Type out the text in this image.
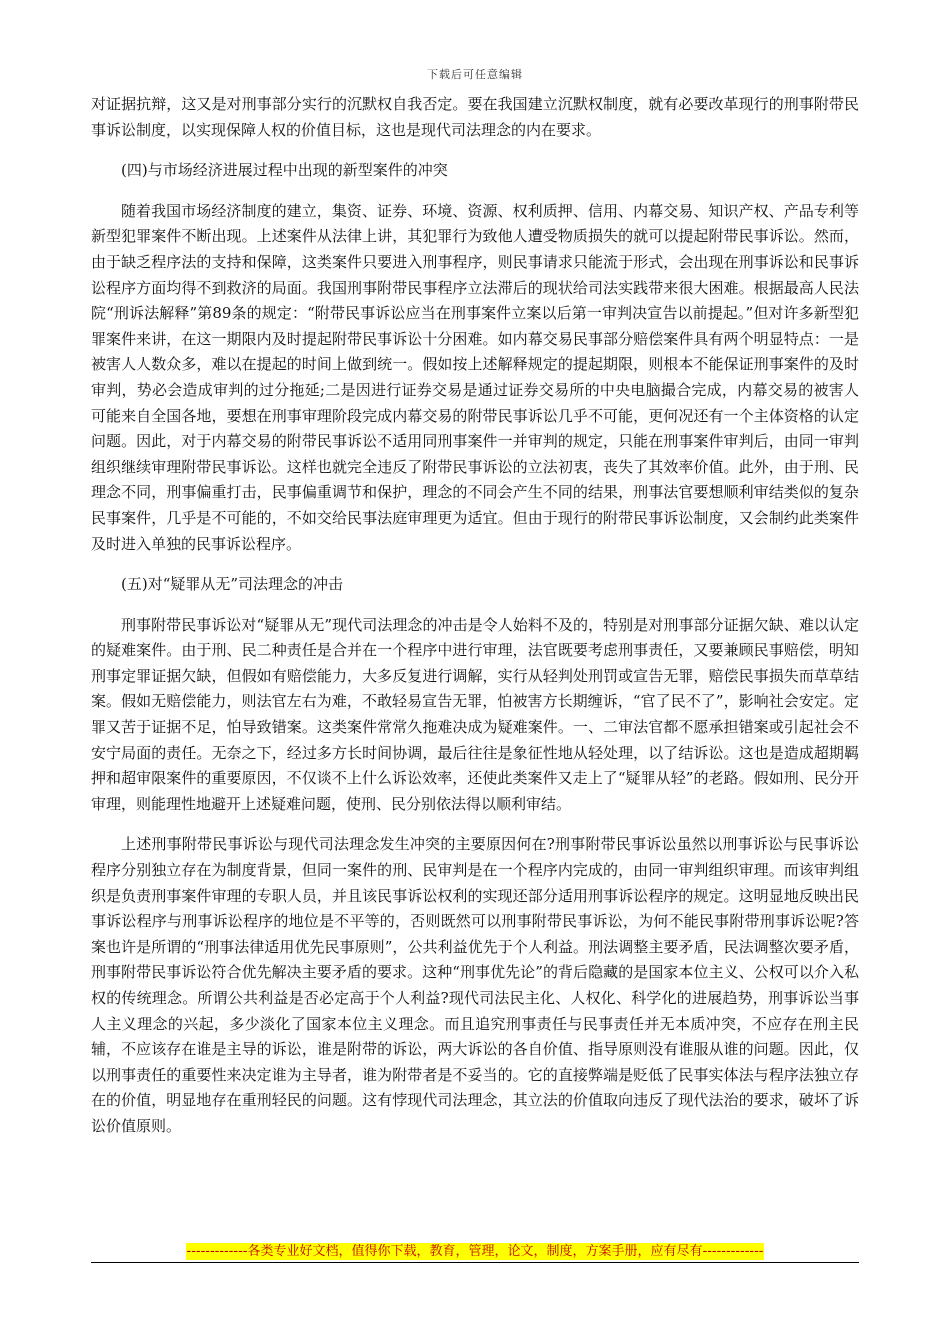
下载后可任意编辑

对证据抗辩，这又是对刑事部分实行的沉默权自我否定。要在我国建立沉默权制度，就有必要改革现行的刑事附带民事诉讼制度，以实现保障人权的价值目标，这也是现代司法理念的内在要求。

(四)与市场经济进展过程中出现的新型案件的冲突

随着我国市场经济制度的建立，集资、证券、环境、资源、权利质押、信用、内幕交易、知识产权、产品专利等新型犯罪案件不断出现。上述案件从法律上讲，其犯罪行为致他人遭受物质损失的就可以提起附带民事诉讼。然而，由于缺乏程序法的支持和保障，这类案件只要进入刑事程序，则民事请求只能流于形式，会出现在刑事诉讼和民事诉讼程序方面均得不到救济的局面。我国刑事附带民事程序立法滞后的现状给司法实践带来很大困难。根据最高人民法院“刑诉法解释”第89条的规定：“附带民事诉讼应当在刑事案件立案以后第一审判决宣告以前提起。”但对许多新型犯罪案件来讲，在这一期限内及时提起附带民事诉讼十分困难。如内幕交易民事部分赔偿案件具有两个明显特点：一是被害人人数众多，难以在提起的时间上做到统一。假如按上述解释规定的提起期限，则根本不能保证刑事案件的及时审判，势必会造成审判的过分拖延;二是因进行证券交易是通过证券交易所的中央电脑撮合完成，内幕交易的被害人可能来自全国各地，要想在刑事审理阶段完成内幕交易的附带民事诉讼几乎不可能，更何况还有一个主体资格的认定问题。因此，对于内幕交易的附带民事诉讼不适用同刑事案件一并审判的规定，只能在刑事案件审判后，由同一审判组织继续审理附带民事诉讼。这样也就完全违反了附带民事诉讼的立法初衷，丧失了其效率价值。此外，由于刑、民理念不同，刑事偏重打击，民事偏重调节和保护，理念的不同会产生不同的结果，刑事法官要想顺利审结类似的复杂民事案件，几乎是不可能的，不如交给民事法庭审理更为适宜。但由于现行的附带民事诉讼制度，又会制约此类案件及时进入单独的民事诉讼程序。

(五)对“疑罪从无”司法理念的冲击

刑事附带民事诉讼对“疑罪从无”现代司法理念的冲击是令人始料不及的，特别是对刑事部分证据欠缺、难以认定的疑难案件。由于刑、民二种责任是合并在一个程序中进行审理，法官既要考虑刑事责任，又要兼顾民事赔偿，明知刑事定罪证据欠缺，但假如有赔偿能力，大多反复进行调解，实行从轻判处刑罚或宣告无罪，赔偿民事损失而草草结案。假如无赔偿能力，则法官左右为难，不敢轻易宣告无罪，怕被害方长期缠诉，“官了民不了”，影响社会安定。定罪又苦于证据不足，怕导致错案。这类案件常常久拖难决成为疑难案件。一、二审法官都不愿承担错案或引起社会不安宁局面的责任。无奈之下，经过多方长时间协调，最后往往是象征性地从轻处理，以了结诉讼。这也是造成超期羁押和超审限案件的重要原因，不仅谈不上什么诉讼效率，还使此类案件又走上了“疑罪从轻”的老路。假如刑、民分开审理，则能理性地避开上述疑难问题，使刑、民分别依法得以顺利审结。

上述刑事附带民事诉讼与现代司法理念发生冲突的主要原因何在?刑事附带民事诉讼虽然以刑事诉讼与民事诉讼程序分别独立存在为制度背景，但同一案件的刑、民审判是在一个程序内完成的，由同一审判组织审理。而该审判组织是负责刑事案件审理的专职人员，并且该民事诉讼权利的实现还部分适用刑事诉讼程序的规定。这明显地反映出民事诉讼程序与刑事诉讼程序的地位是不平等的，否则既然可以刑事附带民事诉讼，为何不能民事附带刑事诉讼呢?答案也许是所谓的“刑事法律适用优先民事原则”，公共利益优先于个人利益。刑法调整主要矛盾，民法调整次要矛盾，刑事附带民事诉讼符合优先解决主要矛盾的要求。这种“刑事优先论”的背后隐藏的是国家本位主义、公权可以介入私权的传统理念。所谓公共利益是否必定高于个人利益?现代司法民主化、人权化、科学化的进展趋势，刑事诉讼当事人主义理念的兴起，多少淡化了国家本位主义理念。而且追究刑事责任与民事责任并无本质冲突，不应存在刑主民辅，不应该存在谁是主导的诉讼，谁是附带的诉讼，两大诉讼的各自价值、指导原则没有谁服从谁的问题。因此，仅以刑事责任的重要性来决定谁为主导者，谁为附带者是不妥当的。它的直接弊端是贬低了民事实体法与程序法独立存在的价值，明显地存在重刑轻民的问题。这有悖现代司法理念，其立法的价值取向违反了现代法治的要求，破坏了诉讼价值原则。

-------------各类专业好文档，值得你下载，教育，管理，论文，制度，方案手册，应有尽有-------------
